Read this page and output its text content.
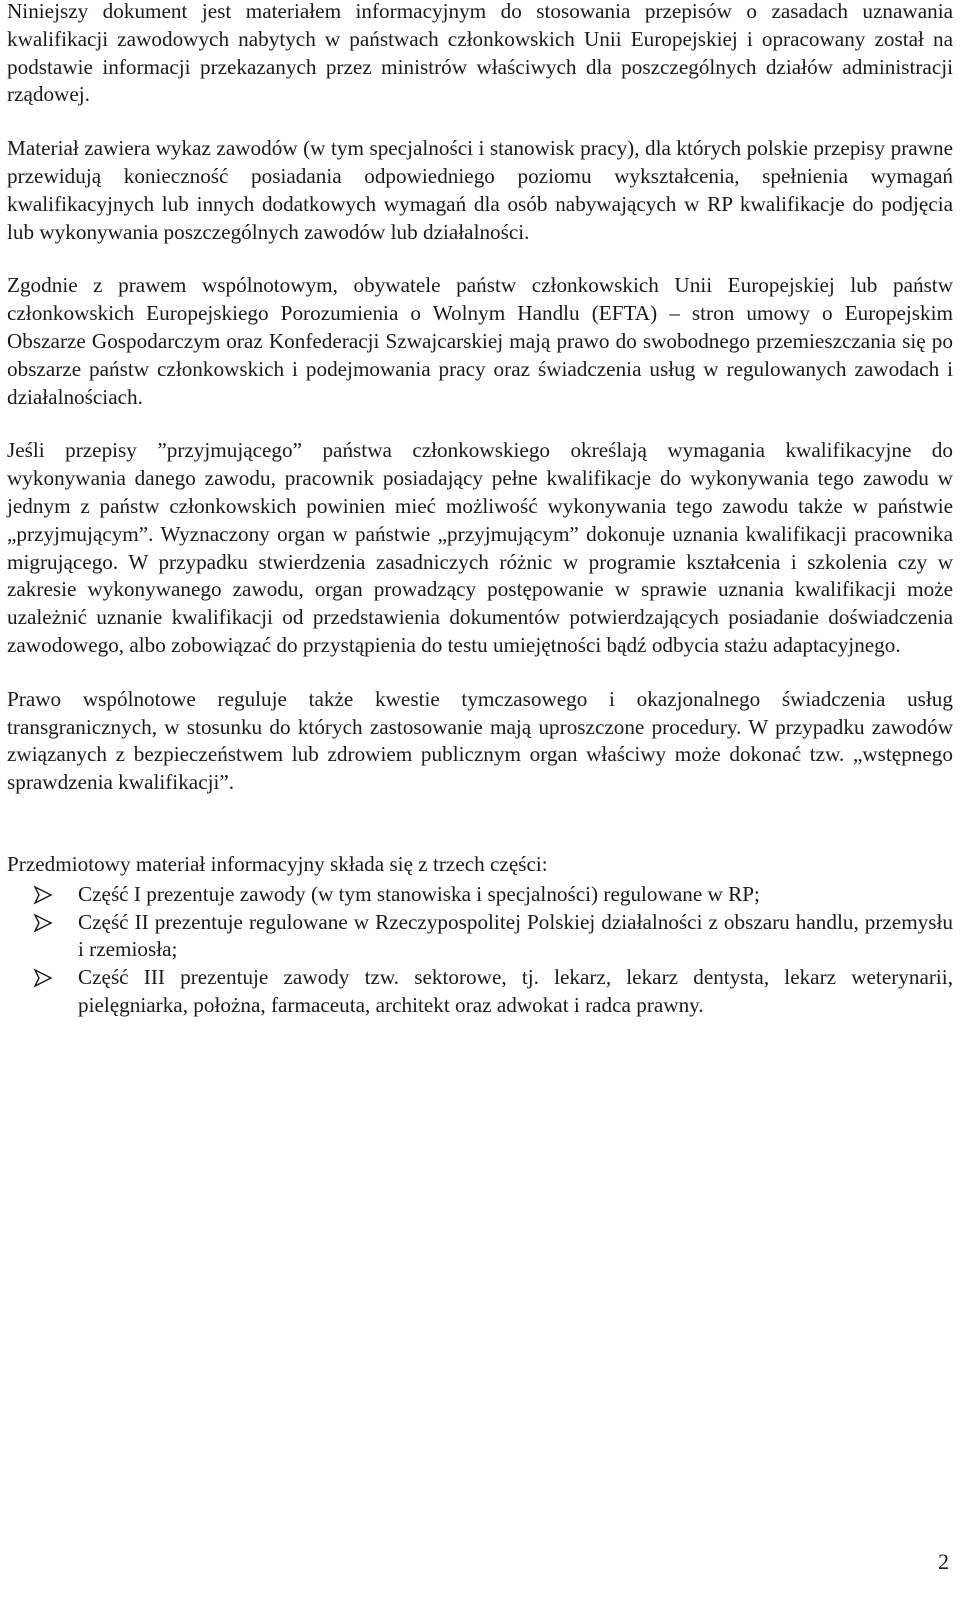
Niniejszy dokument jest materiałem informacyjnym do stosowania przepisów o zasadach uznawania kwalifikacji zawodowych nabytych w państwach członkowskich Unii Europejskiej i opracowany został na podstawie informacji przekazanych przez ministrów właściwych dla poszczególnych działów administracji rządowej.

Materiał zawiera wykaz zawodów (w tym specjalności i stanowisk pracy), dla których polskie przepisy prawne przewidują konieczność posiadania odpowiedniego poziomu wykształcenia, spełnienia wymagań kwalifikacyjnych lub innych dodatkowych wymagań dla osób nabywających w RP kwalifikacje do podjęcia lub wykonywania poszczególnych zawodów lub działalności.

Zgodnie z prawem wspólnotowym, obywatele państw członkowskich Unii Europejskiej lub państw członkowskich Europejskiego Porozumienia o Wolnym Handlu (EFTA) – stron umowy o Europejskim Obszarze Gospodarczym oraz Konfederacji Szwajcarskiej mają prawo do swobodnego przemieszczania się po obszarze państw członkowskich i podejmowania pracy oraz świadczenia usług w regulowanych zawodach i działalnościach.

Jeśli przepisy ”przyjmującego” państwa członkowskiego określają wymagania kwalifikacyjne do wykonywania danego zawodu, pracownik posiadający pełne kwalifikacje do wykonywania tego zawodu w jednym z państw członkowskich powinien mieć możliwość wykonywania tego zawodu także w państwie „przyjmującym”. Wyznaczony organ w państwie „przyjmującym” dokonuje uznania kwalifikacji pracownika migrującego. W przypadku stwierdzenia zasadniczych różnic w programie kształcenia i szkolenia czy w zakresie wykonywanego zawodu, organ prowadzący postępowanie w sprawie uznania kwalifikacji może uzależnić uznanie kwalifikacji od przedstawienia dokumentów potwierdzających posiadanie doświadczenia zawodowego, albo zobowiązać do przystąpienia do testu umiejętności bądź odbycia stażu adaptacyjnego.

Prawo wspólnotowe reguluje także kwestie tymczasowego i okazjonalnego świadczenia usług transgranicznych, w stosunku do których zastosowanie mają uproszczone procedury. W przypadku zawodów związanych z bezpieczeństwem lub zdrowiem publicznym organ właściwy może dokonać tzw. „wstępnego sprawdzenia kwalifikacji”.

Przedmiotowy materiał informacyjny składa się z trzech części:

Część I prezentuje zawody (w tym stanowiska i specjalności) regulowane w RP;
Część II prezentuje regulowane w Rzeczypospolitej Polskiej działalności z obszaru handlu, przemysłu i rzemiosła;
Część III prezentuje zawody tzw. sektorowe, tj. lekarz, lekarz dentysta, lekarz weterynarii, pielęgniarka, położna, farmaceuta, architekt oraz adwokat i radca prawny.
2
